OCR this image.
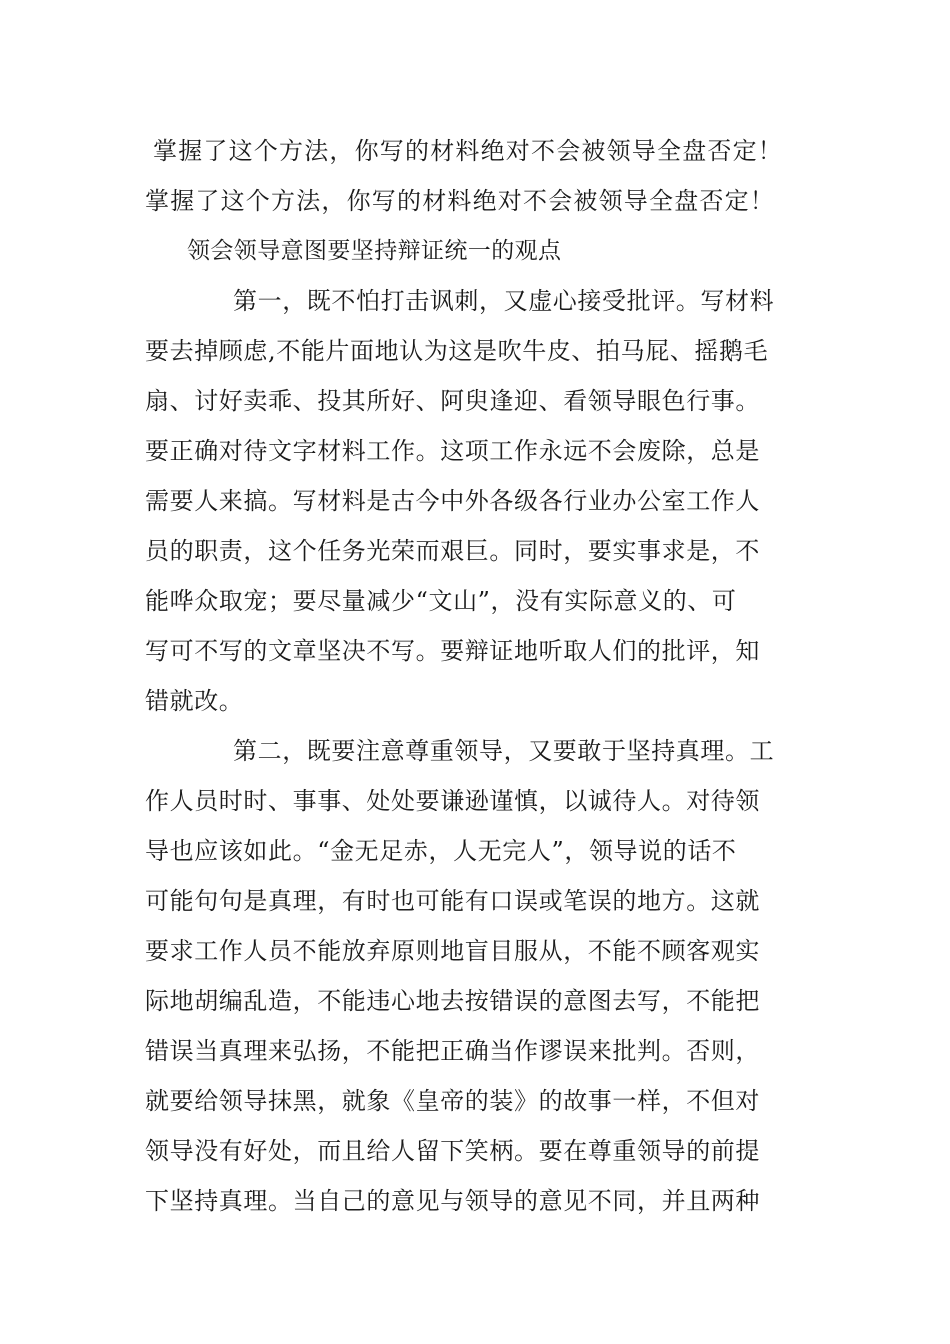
掌握了这个方法，你写的材料绝对不会被领导全盘否定！
掌握了这个方法，你写的材料绝对不会被领导全盘否定！
领会领导意图要坚持辩证统一的观点
第一，既不怕打击讽刺，又虚心接受批评。写材料
要去掉顾虑,不能片面地认为这是吹牛皮、拍马屁、摇鹅毛
扇、讨好卖乖、投其所好、阿臾逢迎、看领导眼色行事。
要正确对待文字材料工作。这项工作永远不会废除，总是
需要人来搞。写材料是古今中外各级各行业办公室工作人
员的职责，这个任务光荣而艰巨。同时，要实事求是，不
能哗众取宠；要尽量减少“文山”，没有实际意义的、可
写可不写的文章坚决不写。要辩证地听取人们的批评，知
错就改。
第二，既要注意尊重领导，又要敢于坚持真理。工
作人员时时、事事、处处要谦逊谨慎，以诚待人。对待领
导也应该如此。“金无足赤，人无完人”，领导说的话不
可能句句是真理，有时也可能有口误或笔误的地方。这就
要求工作人员不能放弃原则地盲目服从，不能不顾客观实
际地胡编乱造，不能违心地去按错误的意图去写，不能把
错误当真理来弘扬，不能把正确当作谬误来批判。否则，
就要给领导抹黑，就象《皇帝的装》的故事一样，不但对
领导没有好处，而且给人留下笑柄。要在尊重领导的前提
下坚持真理。当自己的意见与领导的意见不同，并且两种
